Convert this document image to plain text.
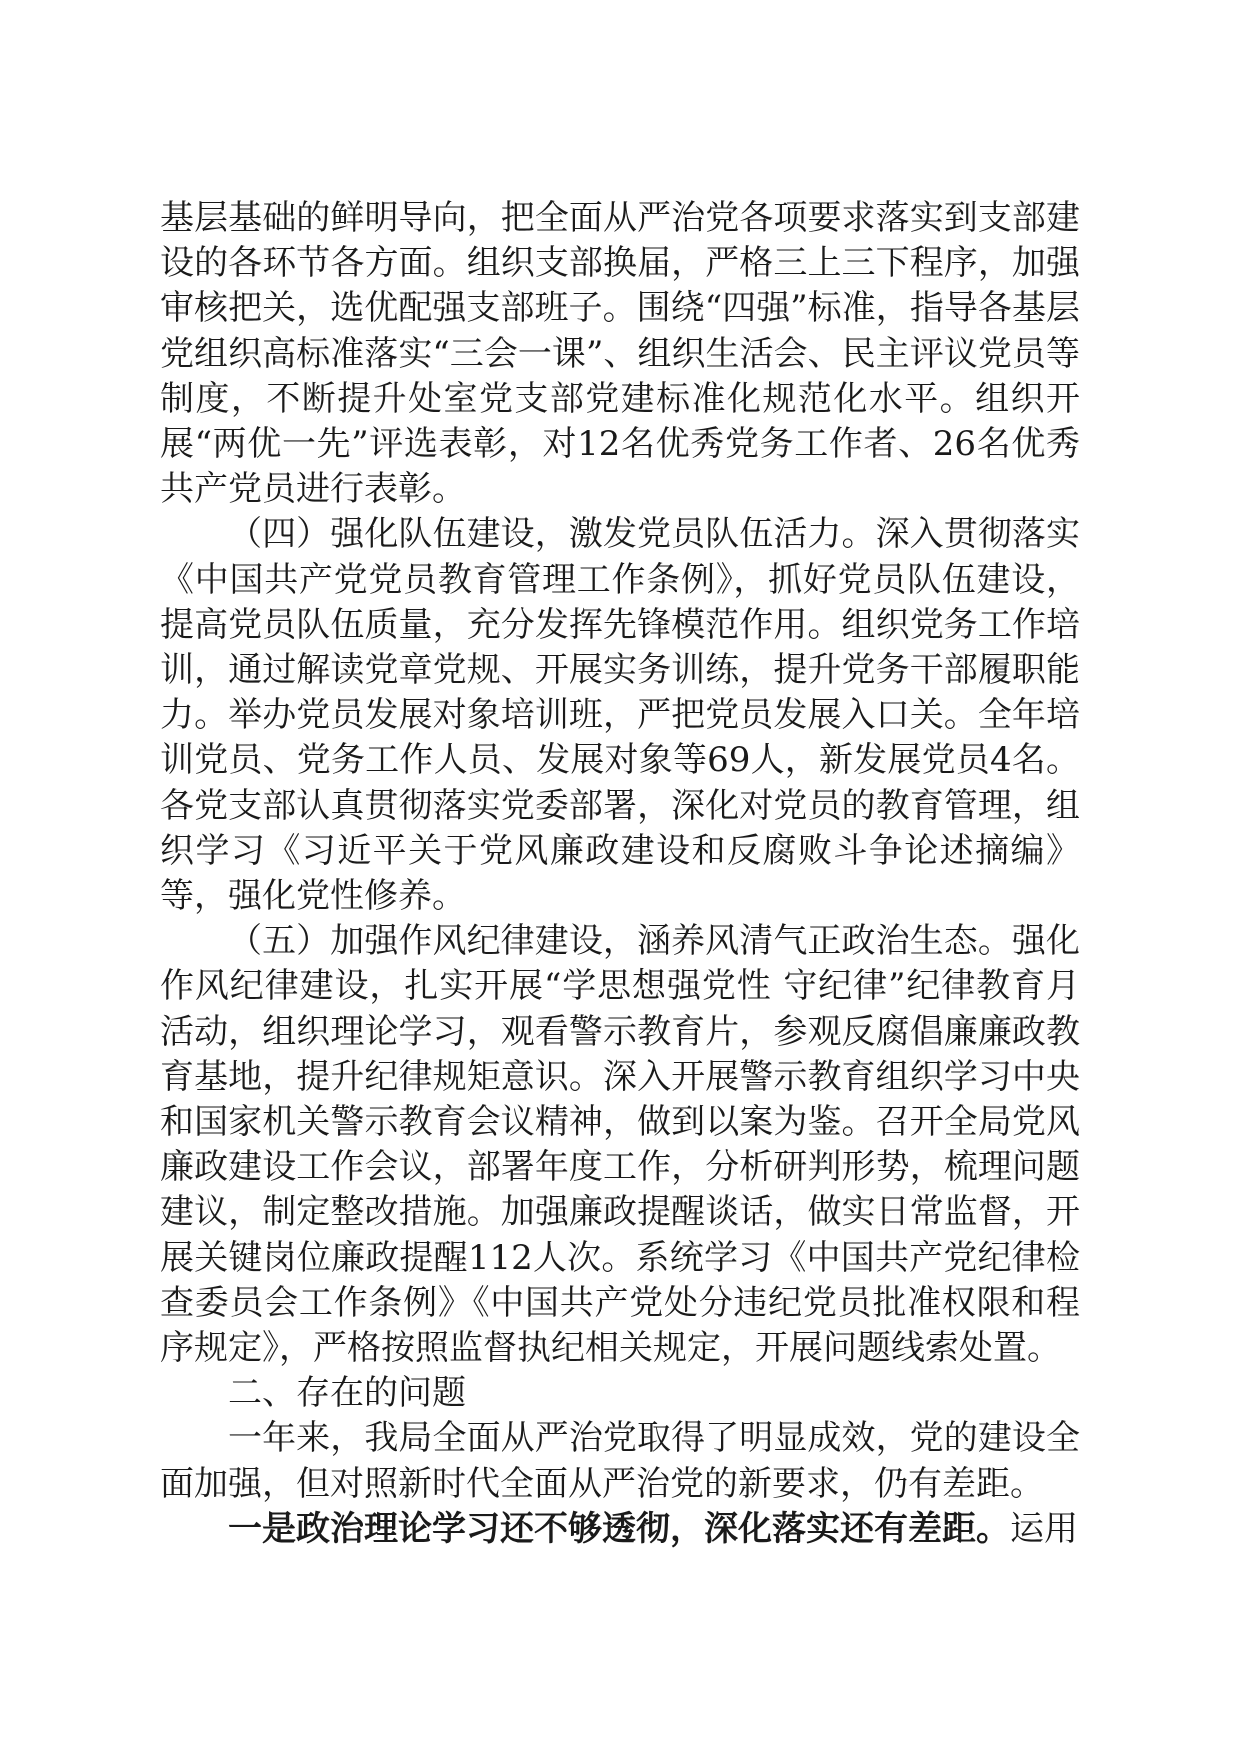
基层基础的鲜明导向，把全面从严治党各项要求落实到支部建设的各环节各方面。组织支部换届，严格三上三下程序，加强审核把关，选优配强支部班子。围绕“四强”标准，指导各基层党组织高标准落实“三会一课”、组织生活会、民主评议党员等制度，不断提升处室党支部党建标准化规范化水平。组织开展“两优一先”评选表彰，对12名优秀党务工作者、26名优秀共产党员进行表彰。

（四）强化队伍建设，激发党员队伍活力。深入贯彻落实《中国共产党党员教育管理工作条例》，抓好党员队伍建设，提高党员队伍质量，充分发挥先锋模范作用。组织党务工作培训，通过解读党章党规、开展实务训练，提升党务干部履职能力。举办党员发展对象培训班，严把党员发展入口关。全年培训党员、党务工作人员、发展对象等69人，新发展党员4名。各党支部认真贯彻落实党委部署，深化对党员的教育管理，组织学习《习近平关于党风廉政建设和反腐败斗争论述摘编》等，强化党性修养。

（五）加强作风纪律建设，涵养风清气正政治生态。强化作风纪律建设，扎实开展“学思想强党性 守纪律”纪律教育月活动，组织理论学习，观看警示教育片，参观反腐倡廉廉政教育基地，提升纪律规矩意识。深入开展警示教育组织学习中央和国家机关警示教育会议精神，做到以案为鉴。召开全局党风廉政建设工作会议，部署年度工作，分析研判形势，梳理问题建议，制定整改措施。加强廉政提醒谈话，做实日常监督，开展关键岗位廉政提醒112人次。系统学习《中国共产党纪律检查委员会工作条例》《中国共产党处分违纪党员批准权限和程序规定》，严格按照监督执纪相关规定，开展问题线索处置。

二、存在的问题

一年来，我局全面从严治党取得了明显成效，党的建设全面加强，但对照新时代全面从严治党的新要求，仍有差距。

一是政治理论学习还不够透彻，深化落实还有差距。运用
